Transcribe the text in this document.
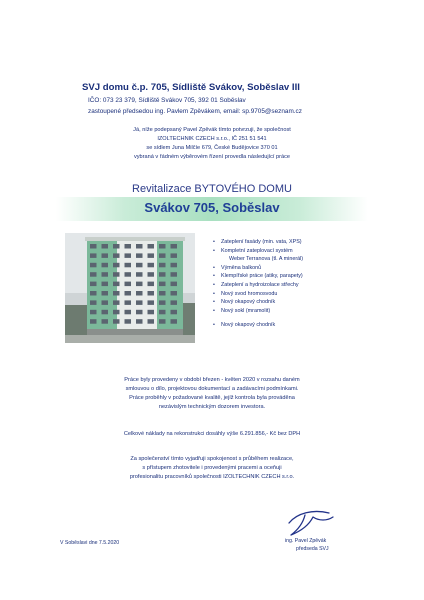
SVJ domu č.p. 705, Sídliště Svákov, Soběslav III
IČO: 073 23 379, Sídliště Svákov 705, 392 01 Soběslav
zastoupené předsedou ing. Pavlem Zpěvákem, email: sp.9705@seznam.cz
Já, níže podepsaný Pavel Zpěvák tímto potvrzuji, že společnost
IZOLTECHNIK CZECH s.r.o., IČ 251 51 541
se sídlem Juna Milčíe 679, České Budějovice 370 01
vybraná v řádném výběrovém řízení provedla následující práce
Revitalizace BYTOVÉHO DOMU
Svákov 705, Soběslav
• Zateplení fasády (min. vata, XPS)
• Kompletní zateplovací systém
Weber Terranova (tl. A minerál)
• Výměna balkonů
• Klempířské práce (atiky, parapety)
• Zateplení a hydroizolace střechy
• Nový svod hromosvodu
• Nový okapový chodník
• Nový sokl (mramolit)
• Nový okapový chodník
Práce byly provedeny v období březen - květen 2020 v rozsahu daném
smlouvou o dílo, projektovou dokumentací a zadávacími podmínkami.
Práce proběhly v požadované kvalitě, jejíž kontrola byla prováděna
nezávislým technickým dozorem investora.
Celkové náklady na rekonstrukci dosáhly výše 6.291.856,- Kč bez DPH
Za společenství tímto vyjadřuji spokojenost s průběhem realizace,
s přístupem zhotovitele i provedenými pracemi a oceňuji
profesionalitu pracovníků společnosti IZOLTECHNIK CZECH s.r.o.
V Soběslavi dne 7.5.2020	ing. Pavel Zpěvák
předseda SVJ
